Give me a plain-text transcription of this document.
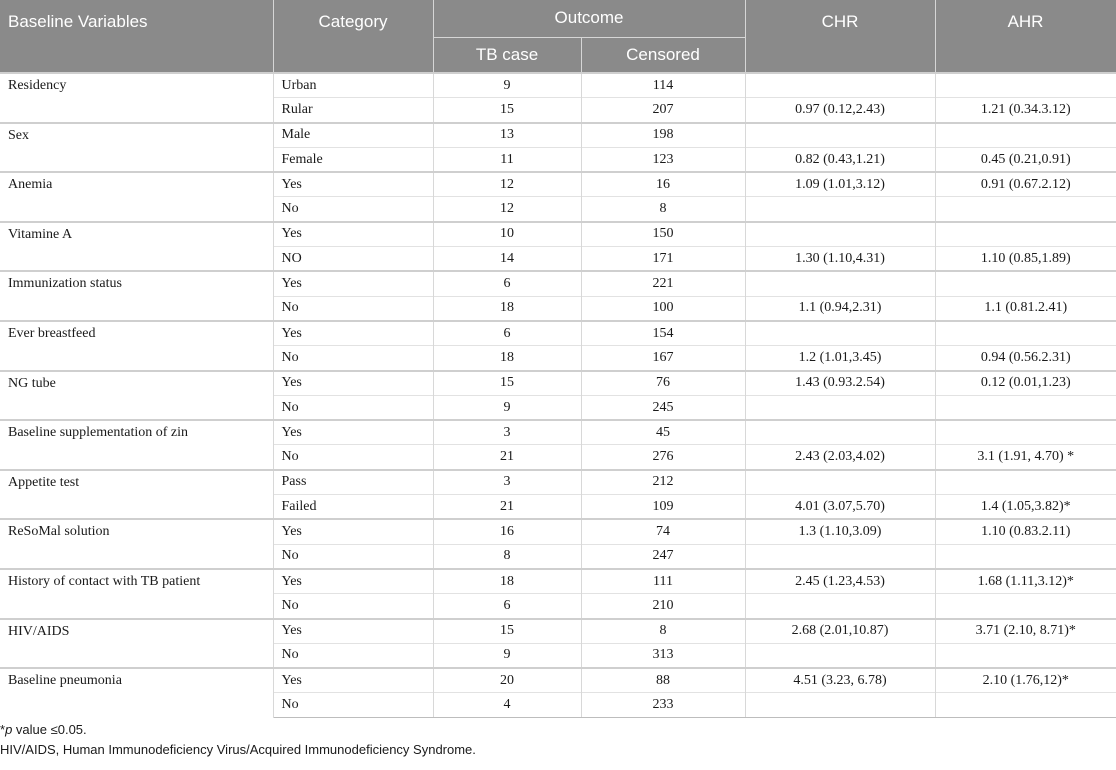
Baseline Variables	Category	Outcome		CHR	AHR
		TB case	Censored		
Residency	Urban	9	114		
	Rular	15	207	0.97 (0.12,2.43)	1.21 (0.34.3.12)
Sex	Male	13	198		
	Female	11	123	0.82 (0.43,1.21)	0.45 (0.21,0.91)
Anemia	Yes	12	16	1.09 (1.01,3.12)	0.91 (0.67.2.12)
	No	12	8		
Vitamine A	Yes	10	150		
	NO	14	171	1.30 (1.10,4.31)	1.10 (0.85,1.89)
Immunization status	Yes	6	221		
	No	18	100	1.1 (0.94,2.31)	1.1 (0.81.2.41)
Ever breastfeed	Yes	6	154		
	No	18	167	1.2 (1.01,3.45)	0.94 (0.56.2.31)
NG tube	Yes	15	76	1.43 (0.93.2.54)	0.12 (0.01,1.23)
	No	9	245		
Baseline supplementation of zin	Yes	3	45		
	No	21	276	2.43 (2.03,4.02)	3.1 (1.91, 4.70) *
Appetite test	Pass	3	212		
	Failed	21	109	4.01 (3.07,5.70)	1.4 (1.05,3.82)*
ReSoMal solution	Yes	16	74	1.3 (1.10,3.09)	1.10 (0.83.2.11)
	No	8	247		
History of contact with TB patient	Yes	18	111	2.45 (1.23,4.53)	1.68 (1.11,3.12)*
	No	6	210		
HIV/AIDS	Yes	15	8	2.68 (2.01,10.87)	3.71 (2.10, 8.71)*
	No	9	313		
Baseline pneumonia	Yes	20	88	4.51 (3.23, 6.78)	2.10 (1.76,12)*
	No	4	233		

*p value ≤0.05.

HIV/AIDS, Human Immunodeficiency Virus/Acquired Immunodeficiency Syndrome.
